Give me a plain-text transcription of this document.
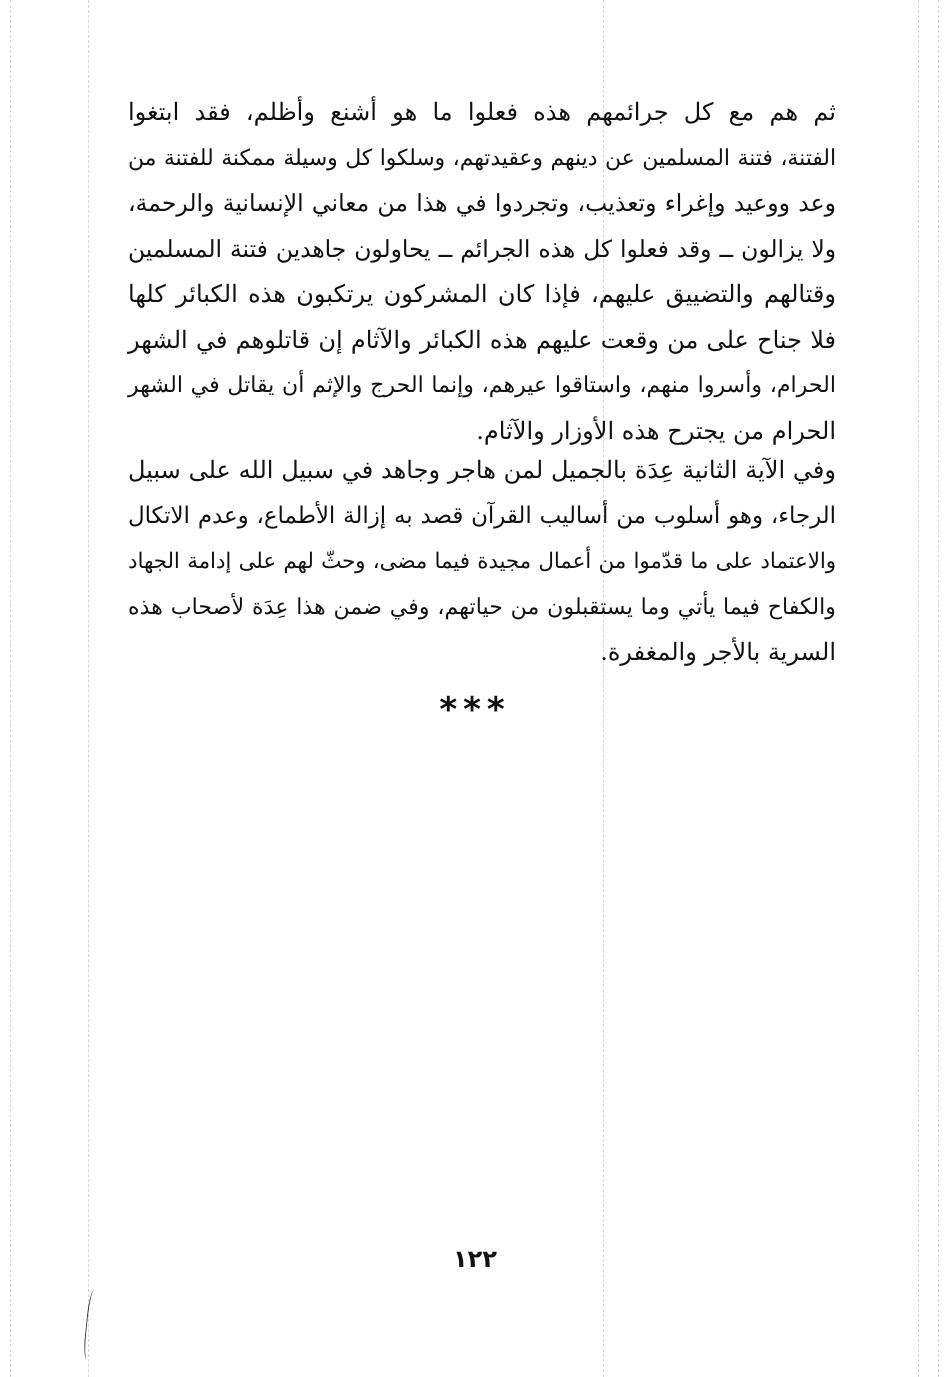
ثم هم مع كل جرائمهم هذه فعلوا ما هو أشنع وأظلم، فقد ابتغوا
الفتنة، فتنة المسلمين عن دينهم وعقيدتهم، وسلكوا كل وسيلة ممكنة للفتنة من
وعد ووعيد وإغراء وتعذيب، وتجردوا في هذا من معاني الإنسانية والرحمة،
ولا يزالون ــ وقد فعلوا كل هذه الجرائم ــ يحاولون جاهدين فتنة المسلمين
وقتالهم والتضييق عليهم، فإذا كان المشركون يرتكبون هذه الكبائر كلها
فلا جناح على من وقعت عليهم هذه الكبائر والآثام إن قاتلوهم في الشهر
الحرام، وأسروا منهم، واستاقوا عيرهم، وإنما الحرج والإثم أن يقاتل في الشهر
الحرام من يجترح هذه الأوزار والآثام.
وفي الآية الثانية عِدَة بالجميل لمن هاجر وجاهد في سبيل الله على سبيل
الرجاء، وهو أسلوب من أساليب القرآن قصد به إزالة الأطماع، وعدم الاتكال
والاعتماد على ما قدّموا من أعمال مجيدة فيما مضى، وحثّ لهم على إدامة الجهاد
والكفاح فيما يأتي وما يستقبلون من حياتهم، وفي ضمن هذا عِدَة لأصحاب هذه
السرية بالأجر والمغفرة.
***
١٢٢
